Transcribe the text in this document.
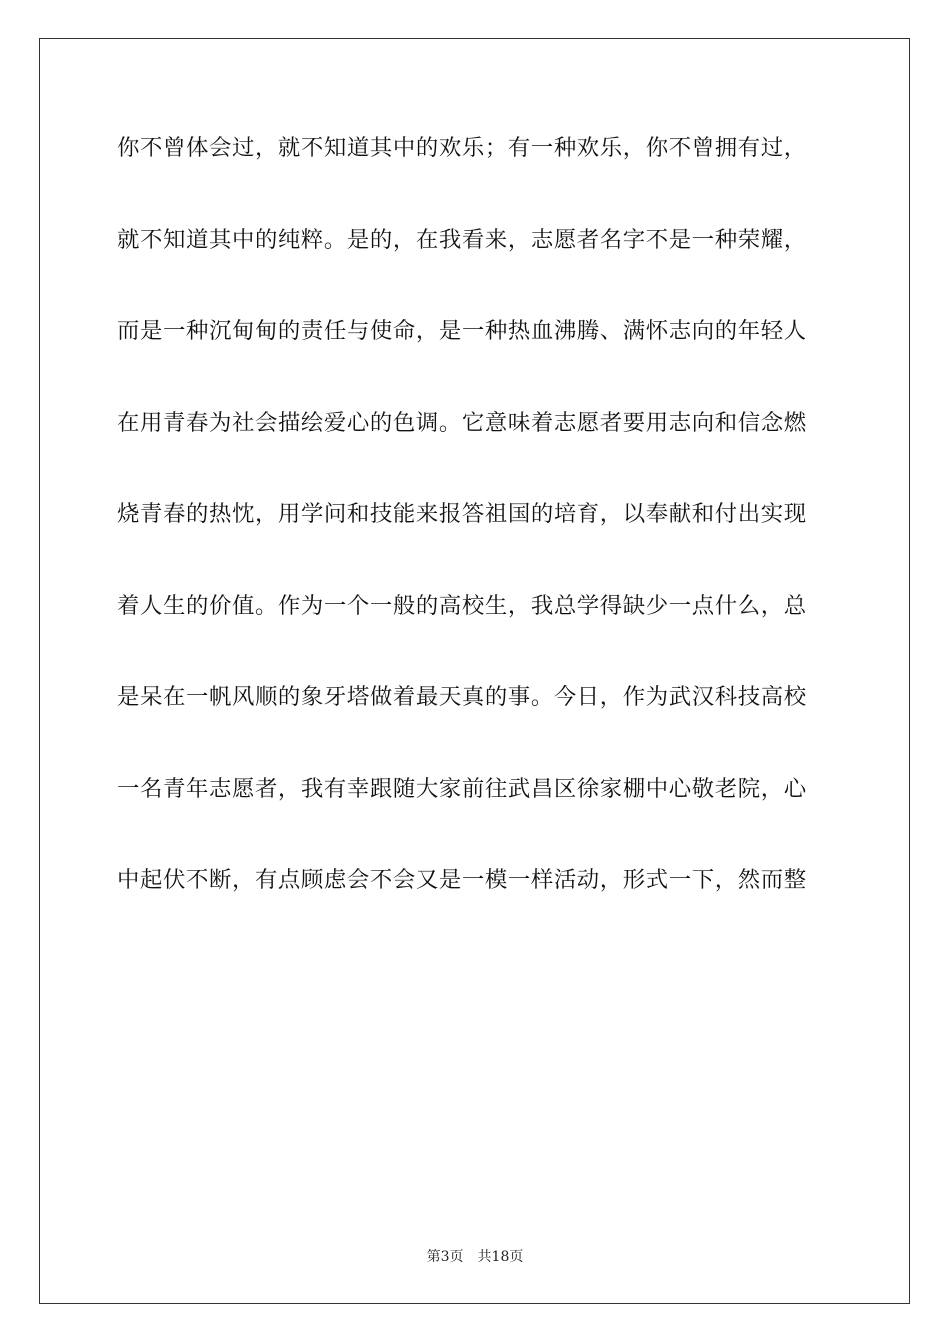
你不曾体会过，就不知道其中的欢乐；有一种欢乐，你不曾拥有过，
就不知道其中的纯粹。是的，在我看来，志愿者名字不是一种荣耀，
而是一种沉甸甸的责任与使命，是一种热血沸腾、满怀志向的年轻人
在用青春为社会描绘爱心的色调。它意味着志愿者要用志向和信念燃
烧青春的热忱，用学问和技能来报答祖国的培育，以奉献和付出实现
着人生的价值。作为一个一般的高校生，我总学得缺少一点什么，总
是呆在一帆风顺的象牙塔做着最天真的事。今日，作为武汉科技高校
一名青年志愿者，我有幸跟随大家前往武昌区徐家棚中心敬老院，心
中起伏不断，有点顾虑会不会又是一模一样活动，形式一下，然而整
第3页 共18页
